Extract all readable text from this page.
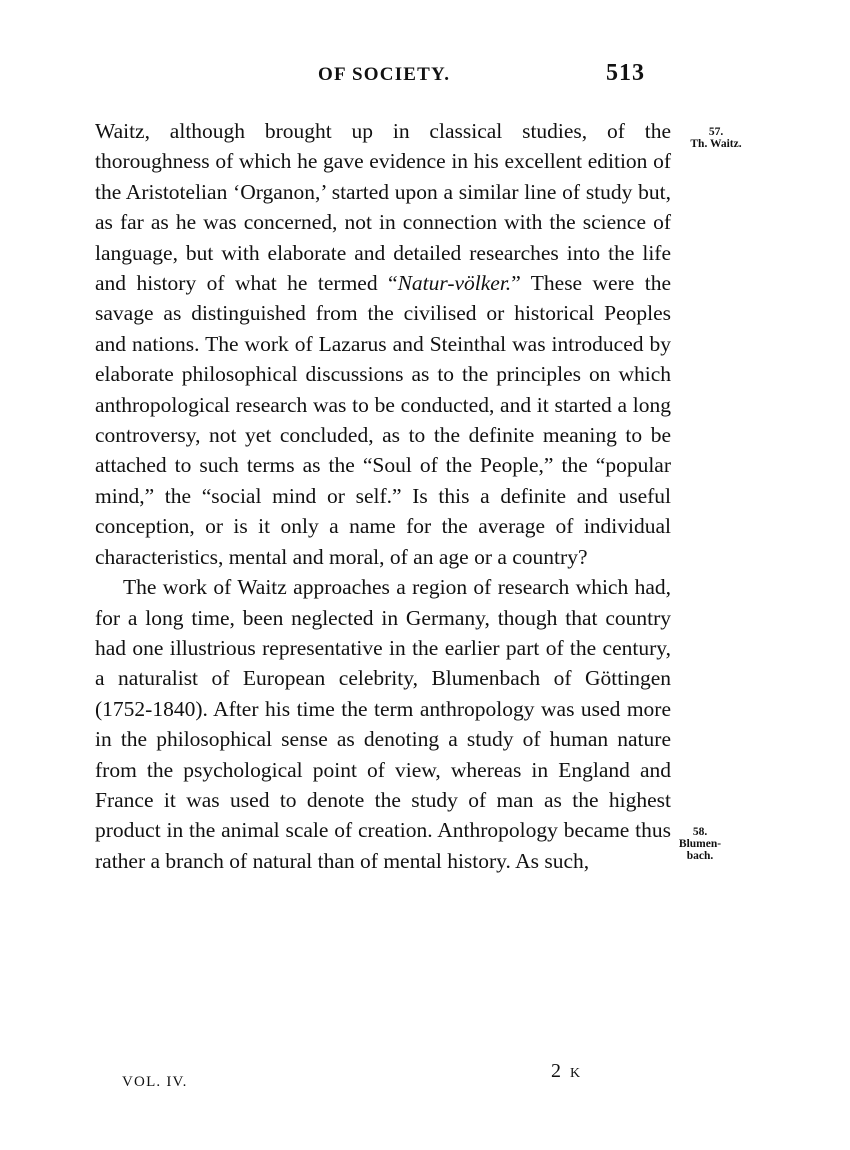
OF SOCIETY.	513

Waitz, although brought up in classical studies, of the thoroughness of which he gave evidence in his excellent edition of the Aristotelian ‘Organon,’ started upon a similar line of study but, as far as he was concerned, not in connection with the science of language, but with elaborate and detailed researches into the life and history of what he termed “Natur-völker.” These were the savage as distinguished from the civilised or historical Peoples and nations. The work of Lazarus and Steinthal was introduced by elaborate philosophical discussions as to the principles on which anthropological research was to be conducted, and it started a long controversy, not yet concluded, as to the definite meaning to be attached to such terms as the “Soul of the People,” the “popular mind,” the “social mind or self.” Is this a definite and useful conception, or is it only a name for the average of individual characteristics, mental and moral, of an age or a country?

The work of Waitz approaches a region of research which had, for a long time, been neglected in Germany, though that country had one illustrious representative in the earlier part of the century, a naturalist of European celebrity, Blumenbach of Göttingen (1752-1840). After his time the term anthropology was used more in the philosophical sense as denoting a study of human nature from the psychological point of view, whereas in England and France it was used to denote the study of man as the highest product in the animal scale of creation. Anthropology became thus rather a branch of natural than of mental history. As such,

57.
Th. Waitz.
58.
Blumen-
bach.
VOL. IV.	2 K
